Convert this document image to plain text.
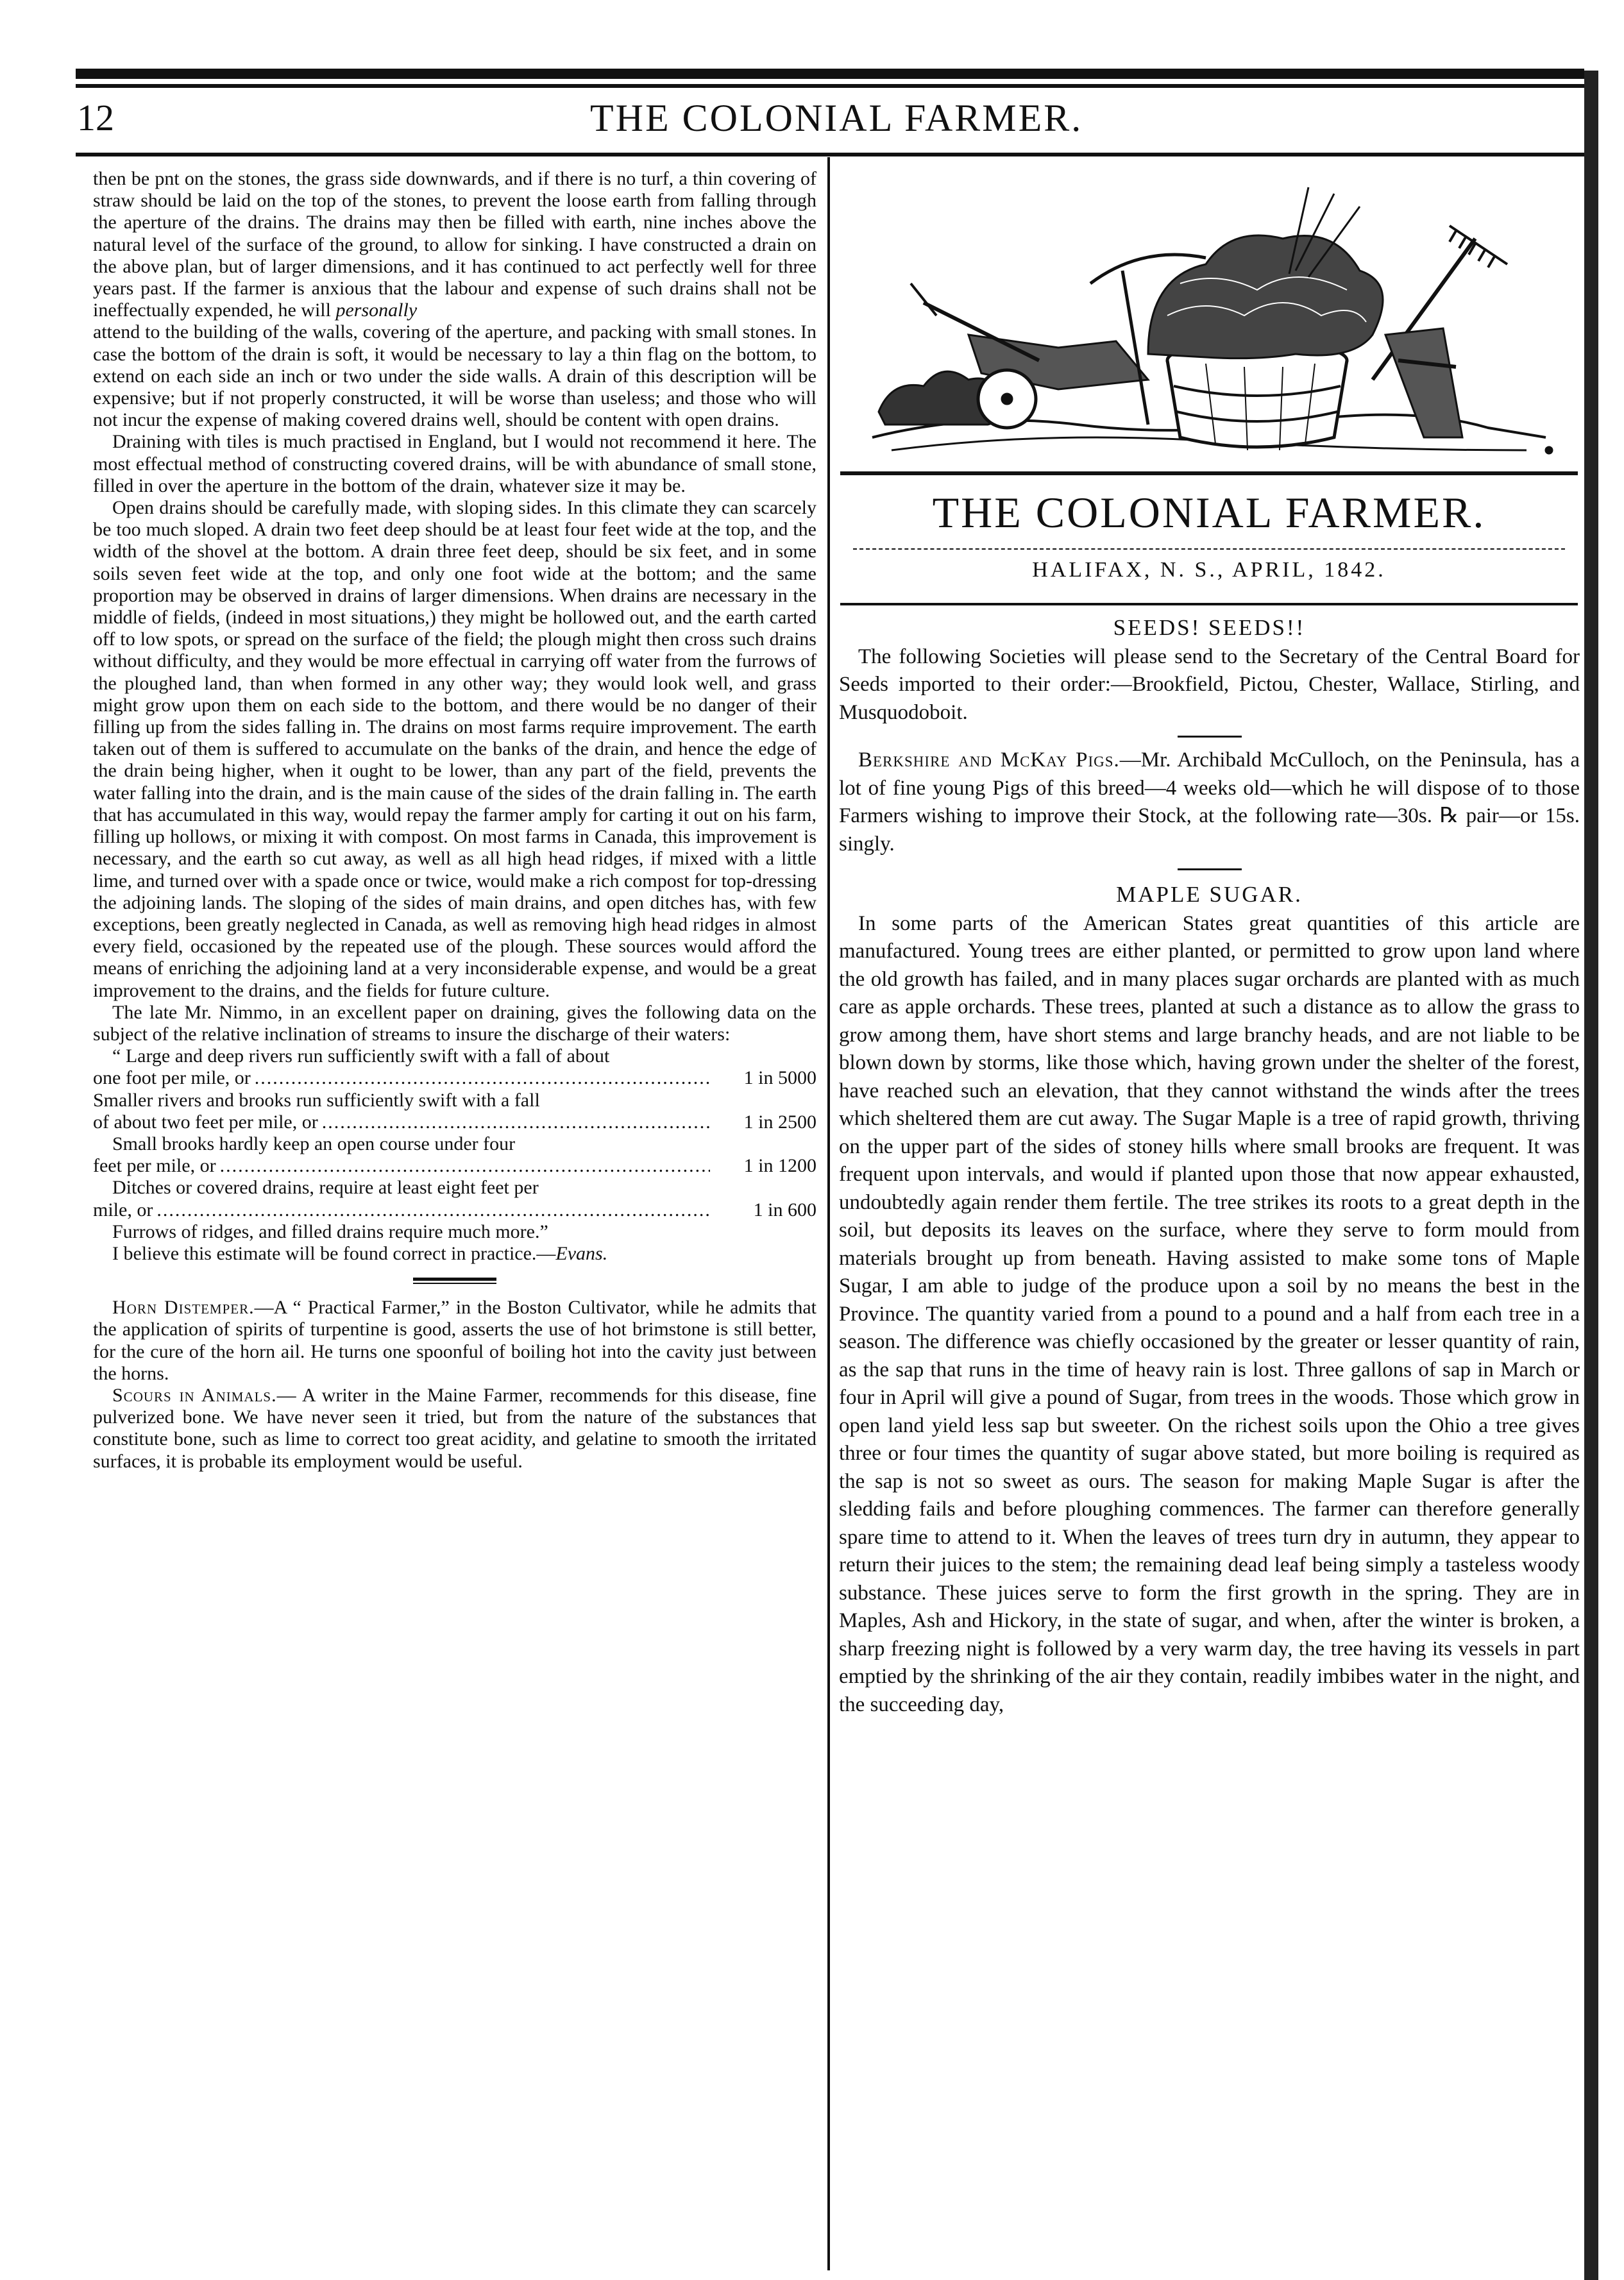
12	THE COLONIAL FARMER.

then be pnt on the stones, the grass side downwards, and if there is no turf, a thin covering of straw should be laid on the top of the stones, to prevent the loose earth from falling through the aperture of the drains. The drains may then be filled with earth, nine inches above the natural level of the surface of the ground, to allow for sinking. I have constructed a drain on the above plan, but of larger dimensions, and it has continued to act perfectly well for three years past. If the farmer is anxious that the labour and expense of such drains shall not be ineffectually expended, he will personally

attend to the building of the walls, covering of the aperture, and packing with small stones. In case the bottom of the drain is soft, it would be necessary to lay a thin flag on the bottom, to extend on each side an inch or two under the side walls. A drain of this description will be expensive; but if not properly constructed, it will be worse than useless; and those who will not incur the expense of making covered drains well, should be content with open drains.

Draining with tiles is much practised in England, but I would not recommend it here. The most effectual method of constructing covered drains, will be with abundance of small stone, filled in over the aperture in the bottom of the drain, whatever size it may be.

Open drains should be carefully made, with sloping sides. In this climate they can scarcely be too much sloped. A drain two feet deep should be at least four feet wide at the top, and the width of the shovel at the bottom. A drain three feet deep, should be six feet, and in some soils seven feet wide at the top, and only one foot wide at the bottom; and the same proportion may be observed in drains of larger dimensions. When drains are necessary in the middle of fields, (indeed in most situations,) they might be hollowed out, and the earth carted off to low spots, or spread on the surface of the field; the plough might then cross such drains without difficulty, and they would be more effectual in carrying off water from the furrows of the ploughed land, than when formed in any other way; they would look well, and grass might grow upon them on each side to the bottom, and there would be no danger of their filling up from the sides falling in. The drains on most farms require improvement. The earth taken out of them is suffered to accumulate on the banks of the drain, and hence the edge of the drain being higher, when it ought to be lower, than any part of the field, prevents the water falling into the drain, and is the main cause of the sides of the drain falling in. The earth that has accumulated in this way, would repay the farmer amply for carting it out on his farm, filling up hollows, or mixing it with compost. On most farms in Canada, this improvement is necessary, and the earth so cut away, as well as all high head ridges, if mixed with a little lime, and turned over with a spade once or twice, would make a rich compost for top-dressing the adjoining lands. The sloping of the sides of main drains, and open ditches has, with few exceptions, been greatly neglected in Canada, as well as removing high head ridges in almost every field, occasioned by the repeated use of the plough. These sources would afford the means of enriching the adjoining land at a very inconsiderable expense, and would be a great improvement to the drains, and the fields for future culture.

The late Mr. Nimmo, in an excellent paper on draining, gives the following data on the subject of the relative inclination of streams to insure the discharge of their waters:

“ Large and deep rivers run sufficiently swift with a fall of about
one foot per mile, or .....	1 in 5000
Smaller rivers and brooks run sufficiently swift with a fall
of about two feet per mile, or .....	1 in 2500
Small brooks hardly keep an open course under four
feet per mile, or .....	1 in 1200
Ditches or covered drains, require at least eight feet per
mile, or .....	1 in 600
Furrows of ridges, and filled drains require much more.”
I believe this estimate will be found correct in practice.—Evans.

Horn Distemper.—A “ Practical Farmer,” in the Boston Cultivator, while he admits that the application of spirits of turpentine is good, asserts the use of hot brimstone is still better, for the cure of the horn ail. He turns one spoonful of boiling hot into the cavity just between the horns.

Scours in Animals.— A writer in the Maine Farmer, recommends for this disease, fine pulverized bone. We have never seen it tried, but from the nature of the substances that constitute bone, such as lime to correct too great acidity, and gelatine to smooth the irritated surfaces, it is probable its employment would be useful.

THE COLONIAL FARMER.
HALIFAX, N. S., APRIL, 1842.
SEEDS! SEEDS!!

The following Societies will please send to the Secretary of the Central Board for Seeds imported to their order:—Brookfield, Pictou, Chester, Wallace, Stirling, and Musquodoboit.

Berkshire and McKay Pigs.—Mr. Archibald McCulloch, on the Peninsula, has a lot of fine young Pigs of this breed—4 weeks old—which he will dispose of to those Farmers wishing to improve their Stock, at the following rate—30s. ℞ pair—or 15s. singly.

MAPLE SUGAR.

In some parts of the American States great quantities of this article are manufactured. Young trees are either planted, or permitted to grow upon land where the old growth has failed, and in many places sugar orchards are planted with as much care as apple orchards. These trees, planted at such a distance as to allow the grass to grow among them, have short stems and large branchy heads, and are not liable to be blown down by storms, like those which, having grown under the shelter of the forest, have reached such an elevation, that they cannot withstand the winds after the trees which sheltered them are cut away. The Sugar Maple is a tree of rapid growth, thriving on the upper part of the sides of stoney hills where small brooks are frequent. It was frequent upon intervals, and would if planted upon those that now appear exhausted, undoubtedly again render them fertile. The tree strikes its roots to a great depth in the soil, but deposits its leaves on the surface, where they serve to form mould from materials brought up from beneath. Having assisted to make some tons of Maple Sugar, I am able to judge of the produce upon a soil by no means the best in the Province. The quantity varied from a pound to a pound and a half from each tree in a season. The difference was chiefly occasioned by the greater or lesser quantity of rain, as the sap that runs in the time of heavy rain is lost. Three gallons of sap in March or four in April will give a pound of Sugar, from trees in the woods. Those which grow in open land yield less sap but sweeter. On the richest soils upon the Ohio a tree gives three or four times the quantity of sugar above stated, but more boiling is required as the sap is not so sweet as ours. The season for making Maple Sugar is after the sledding fails and before ploughing commences. The farmer can therefore generally spare time to attend to it. When the leaves of trees turn dry in autumn, they appear to return their juices to the stem; the remaining dead leaf being simply a tasteless woody substance. These juices serve to form the first growth in the spring. They are in Maples, Ash and Hickory, in the state of sugar, and when, after the winter is broken, a sharp freezing night is followed by a very warm day, the tree having its vessels in part emptied by the shrinking of the air they contain, readily imbibes water in the night, and the succeeding day,
